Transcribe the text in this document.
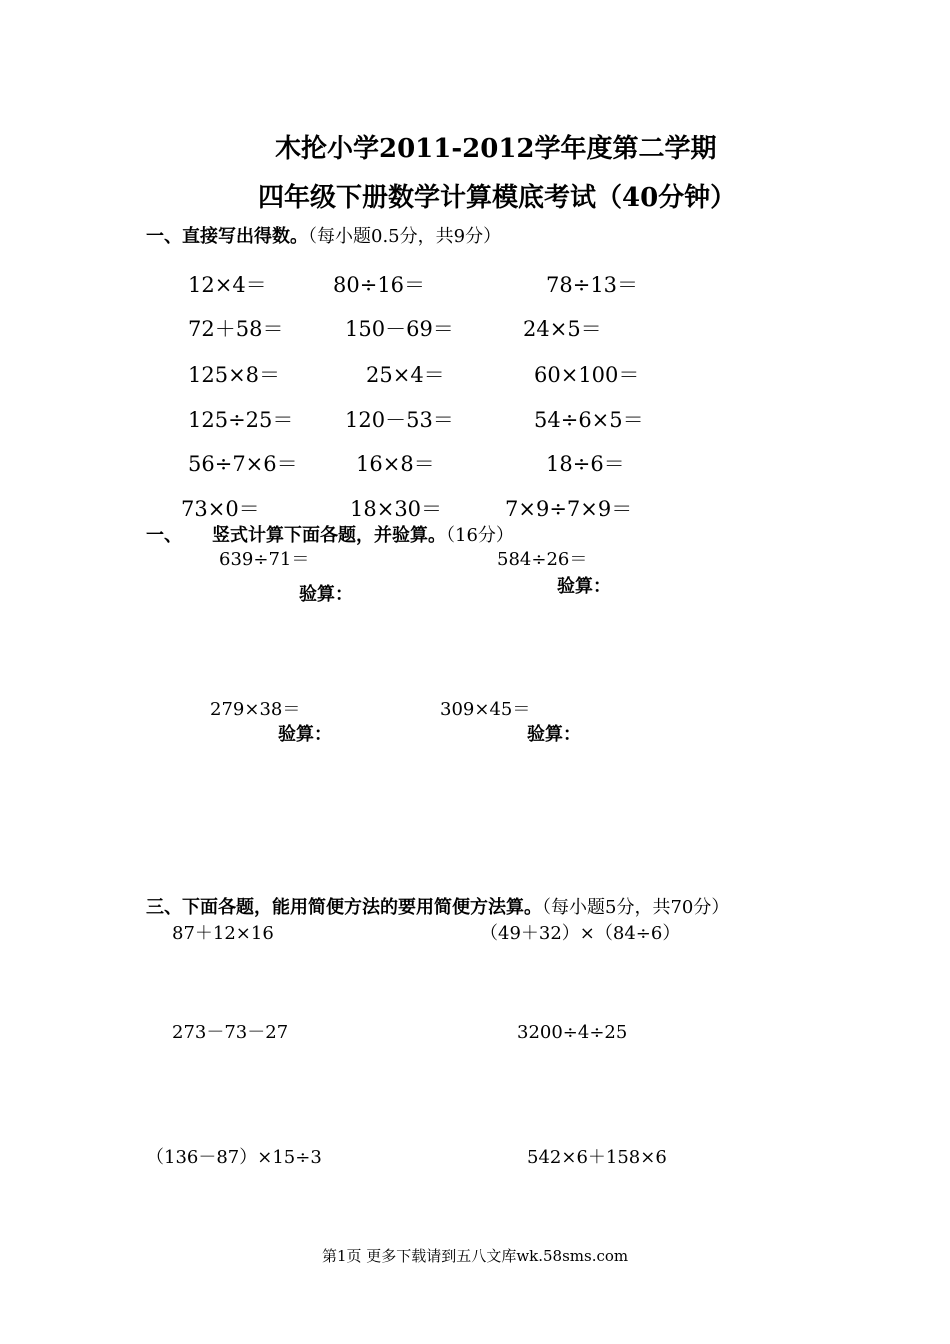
木抡小学2011-2012学年度第二学期
四年级下册数学计算模底考试（40分钟）
一、直接写出得数。（每小题0.5分，共9分）
12×4＝	80÷16＝	78÷13＝
72＋58＝	150－69＝	24×5＝
125×8＝	25×4＝	60×100＝
125÷25＝ 120－53＝	54÷6×5＝
56÷7×6＝	16×8＝	18÷6＝
73×0＝	18×30＝	7×9÷7×9＝
一、 竖式计算下面各题，并验算。（16分）
639÷71＝	584÷26＝
验算：	验算：
279×38＝	309×45＝
验算：	验算：
三、下面各题，能用简便方法的要用简便方法算。（每小题5分，共70分）
87＋12×16	（49＋32）×（84÷6）
273－73－27	3200÷4÷25
（136－87）×15÷3	542×6＋158×6
第1页 更多下载请到五八文库wk.58sms.com
